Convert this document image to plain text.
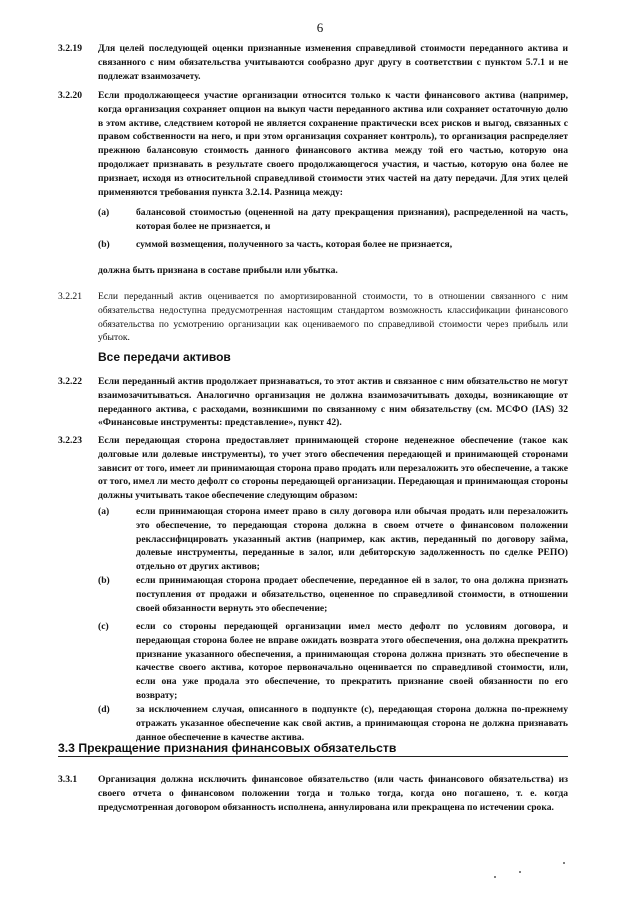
6
3.2.19	Для целей последующей оценки признанные изменения справедливой стоимости переданного актива и связанного с ним обязательства учитываются сообразно друг другу в соответствии с пунктом 5.7.1 и не подлежат взаимозачету.
3.2.20	Если продолжающееся участие организации относится только к части финансового актива (например, когда организация сохраняет опцион на выкуп части переданного актива или сохраняет остаточную долю в этом активе, следствием которой не является сохранение практически всех рисков и выгод, связанных с правом собственности на него, и при этом организация сохраняет контроль), то организация распределяет прежнюю балансовую стоимость данного финансового актива между той его частью, которую она продолжает признавать в результате своего продолжающегося участия, и частью, которую она более не признает, исходя из относительной справедливой стоимости этих частей на дату передачи. Для этих целей применяются требования пункта 3.2.14. Разница между:
(a)	балансовой стоимостью (оцененной на дату прекращения признания), распределенной на часть, которая более не признается, и
(b)	суммой возмещения, полученного за часть, которая более не признается,
должна быть признана в составе прибыли или убытка.
3.2.21	Если переданный актив оценивается по амортизированной стоимости, то в отношении связанного с ним обязательства недоступна предусмотренная настоящим стандартом возможность классификации финансового обязательства по усмотрению организации как оцениваемого по справедливой стоимости через прибыль или убыток.
Все передачи активов
3.2.22	Если переданный актив продолжает признаваться, то этот актив и связанное с ним обязательство не могут взаимозачитываться. Аналогично организация не должна взаимозачитывать доходы, возникающие от переданного актива, с расходами, возникшими по связанному с ним обязательству (см. МСФО (IAS) 32 «Финансовые инструменты: представление», пункт 42).
3.2.23	Если передающая сторона предоставляет принимающей стороне неденежное обеспечение (такое как долговые или долевые инструменты), то учет этого обеспечения передающей и принимающей сторонами зависит от того, имеет ли принимающая сторона право продать или перезаложить это обеспечение, а также от того, имел ли место дефолт со стороны передающей организации. Передающая и принимающая стороны должны учитывать такое обеспечение следующим образом:
(a)	если принимающая сторона имеет право в силу договора или обычая продать или перезаложить это обеспечение, то передающая сторона должна в своем отчете о финансовом положении реклассифицировать указанный актив (например, как актив, переданный по договору займа, долевые инструменты, переданные в залог, или дебиторскую задолженность по сделке РЕПО) отдельно от других активов;
(b)	если принимающая сторона продает обеспечение, переданное ей в залог, то она должна признать поступления от продажи и обязательство, оцененное по справедливой стоимости, в отношении своей обязанности вернуть это обеспечение;
(c)	если со стороны передающей организации имел место дефолт по условиям договора, и передающая сторона более не вправе ожидать возврата этого обеспечения, она должна прекратить признание указанного обеспечения, а принимающая сторона должна признать это обеспечение в качестве своего актива, которое первоначально оценивается по справедливой стоимости, или, если она уже продала это обеспечение, то прекратить признание своей обязанности по его возврату;
(d)	за исключением случая, описанного в подпункте (c), передающая сторона должна по-прежнему отражать указанное обеспечение как свой актив, а принимающая сторона не должна признавать данное обеспечение в качестве актива.
3.3 Прекращение признания финансовых обязательств
3.3.1	Организация должна исключить финансовое обязательство (или часть финансового обязательства) из своего отчета о финансовом положении тогда и только тогда, когда оно погашено, т. е. когда предусмотренная договором обязанность исполнена, аннулирована или прекращена по истечении срока.
